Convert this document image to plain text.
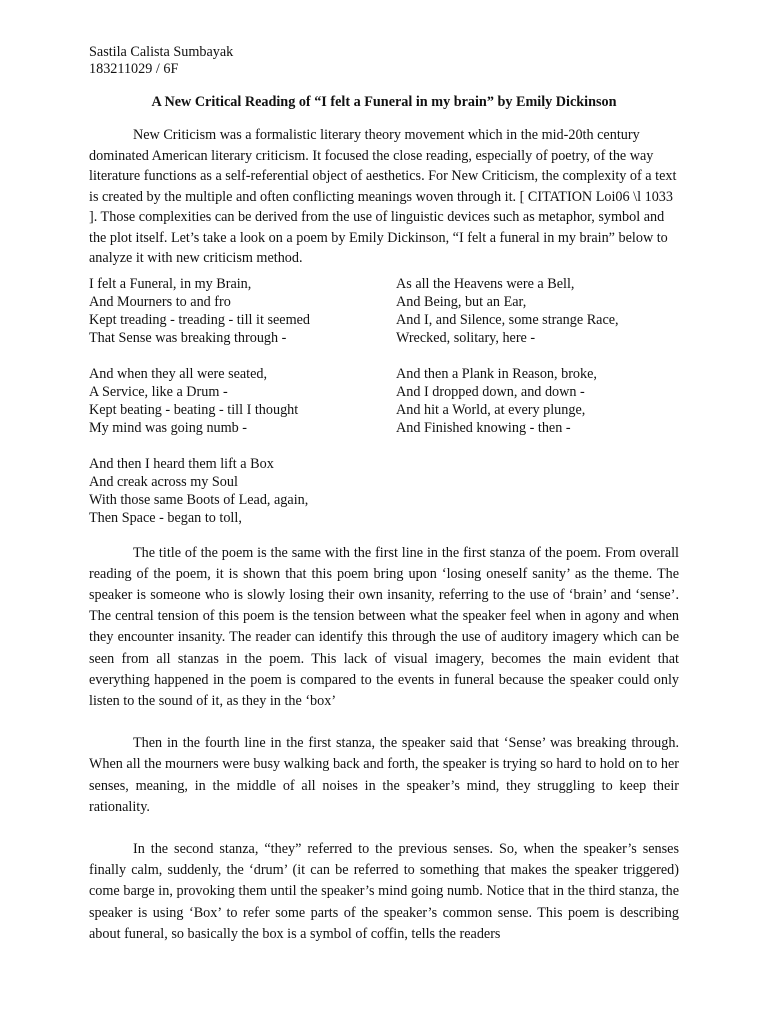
Sastila Calista Sumbayak

183211029 / 6F

A New Critical Reading of “I felt a Funeral in my brain” by Emily Dickinson

New Criticism was a formalistic literary theory movement which in the mid-20th century dominated American literary criticism. It focused the close reading, especially of poetry, of the way literature functions as a self-referential object of aesthetics. For New Criticism, the complexity of a text is created by the multiple and often conflicting meanings woven through it. [ CITATION Loi06 \l 1033 ]. Those complexities can be derived from the use of linguistic devices such as metaphor, symbol and the plot itself. Let’s take a look on a poem by Emily Dickinson, “I felt a funeral in my brain” below to analyze it with new criticism method.

I felt a Funeral, in my Brain,
And Mourners to and fro
Kept treading - treading - till it seemed
That Sense was breaking through -
And when they all were seated,
A Service, like a Drum -
Kept beating - beating - till I thought
My mind was going numb -
And then I heard them lift a Box
And creak across my Soul
With those same Boots of Lead, again,
Then Space - began to toll,
As all the Heavens were a Bell,
And Being, but an Ear,
And I, and Silence, some strange Race,
Wrecked, solitary, here -
And then a Plank in Reason, broke,
And I dropped down, and down -
And hit a World, at every plunge,
And Finished knowing - then -

The title of the poem is the same with the first line in the first stanza of the poem. From overall reading of the poem, it is shown that this poem bring upon ‘losing oneself sanity’ as the theme. The speaker is someone who is slowly losing their own insanity, referring to the use of ‘brain’ and ‘sense’. The central tension of this poem is the tension between what the speaker feel when in agony and when they encounter insanity. The reader can identify this through the use of auditory imagery which can be seen from all stanzas in the poem. This lack of visual imagery, becomes the main evident that everything happened in the poem is compared to the events in funeral because the speaker could only listen to the sound of it, as they in the ‘box’

Then in the fourth line in the first stanza, the speaker said that ‘Sense’ was breaking through. When all the mourners were busy walking back and forth, the speaker is trying so hard to hold on to her senses, meaning, in the middle of all noises in the speaker’s mind, they struggling to keep their rationality.

In the second stanza, “they” referred to the previous senses. So, when the speaker’s senses finally calm, suddenly, the ‘drum’ (it can be referred to something that makes the speaker triggered) come barge in, provoking them until the speaker’s mind going numb. Notice that in the third stanza, the speaker is using ‘Box’ to refer some parts of the speaker’s common sense. This poem is describing about funeral, so basically the box is a symbol of coffin, tells the readers
